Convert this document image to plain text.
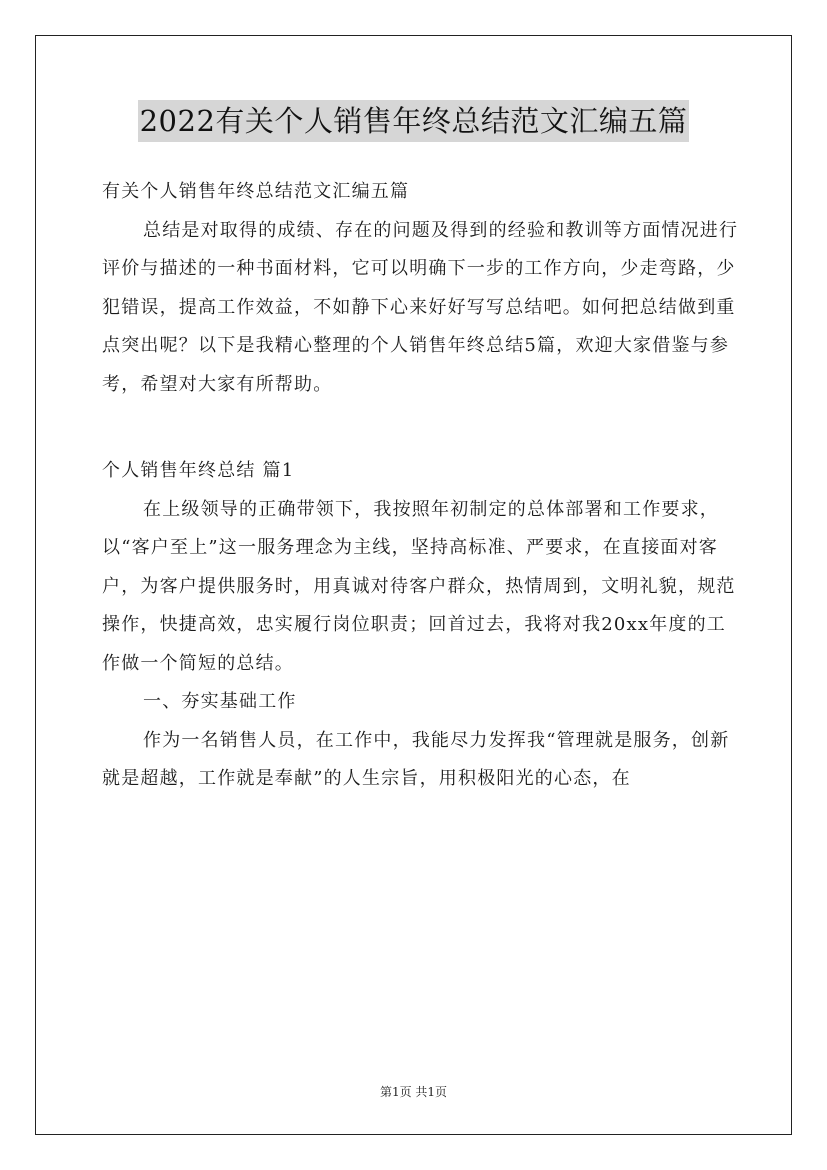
2022有关个人销售年终总结范文汇编五篇

有关个人销售年终总结范文汇编五篇

总结是对取得的成绩、存在的问题及得到的经验和教训等方面情况进行评价与描述的一种书面材料，它可以明确下一步的工作方向，少走弯路，少犯错误，提高工作效益，不如静下心来好好写写总结吧。如何把总结做到重点突出呢？以下是我精心整理的个人销售年终总结5篇，欢迎大家借鉴与参考，希望对大家有所帮助。

个人销售年终总结 篇1

在上级领导的正确带领下，我按照年初制定的总体部署和工作要求，以“客户至上”这一服务理念为主线，坚持高标准、严要求，在直接面对客户，为客户提供服务时，用真诚对待客户群众，热情周到，文明礼貌，规范操作，快捷高效，忠实履行岗位职责；回首过去，我将对我20xx年度的工作做一个简短的总结。

一、夯实基础工作

作为一名销售人员，在工作中，我能尽力发挥我“管理就是服务，创新就是超越，工作就是奉献”的人生宗旨，用积极阳光的心态，在

第1页 共1页
